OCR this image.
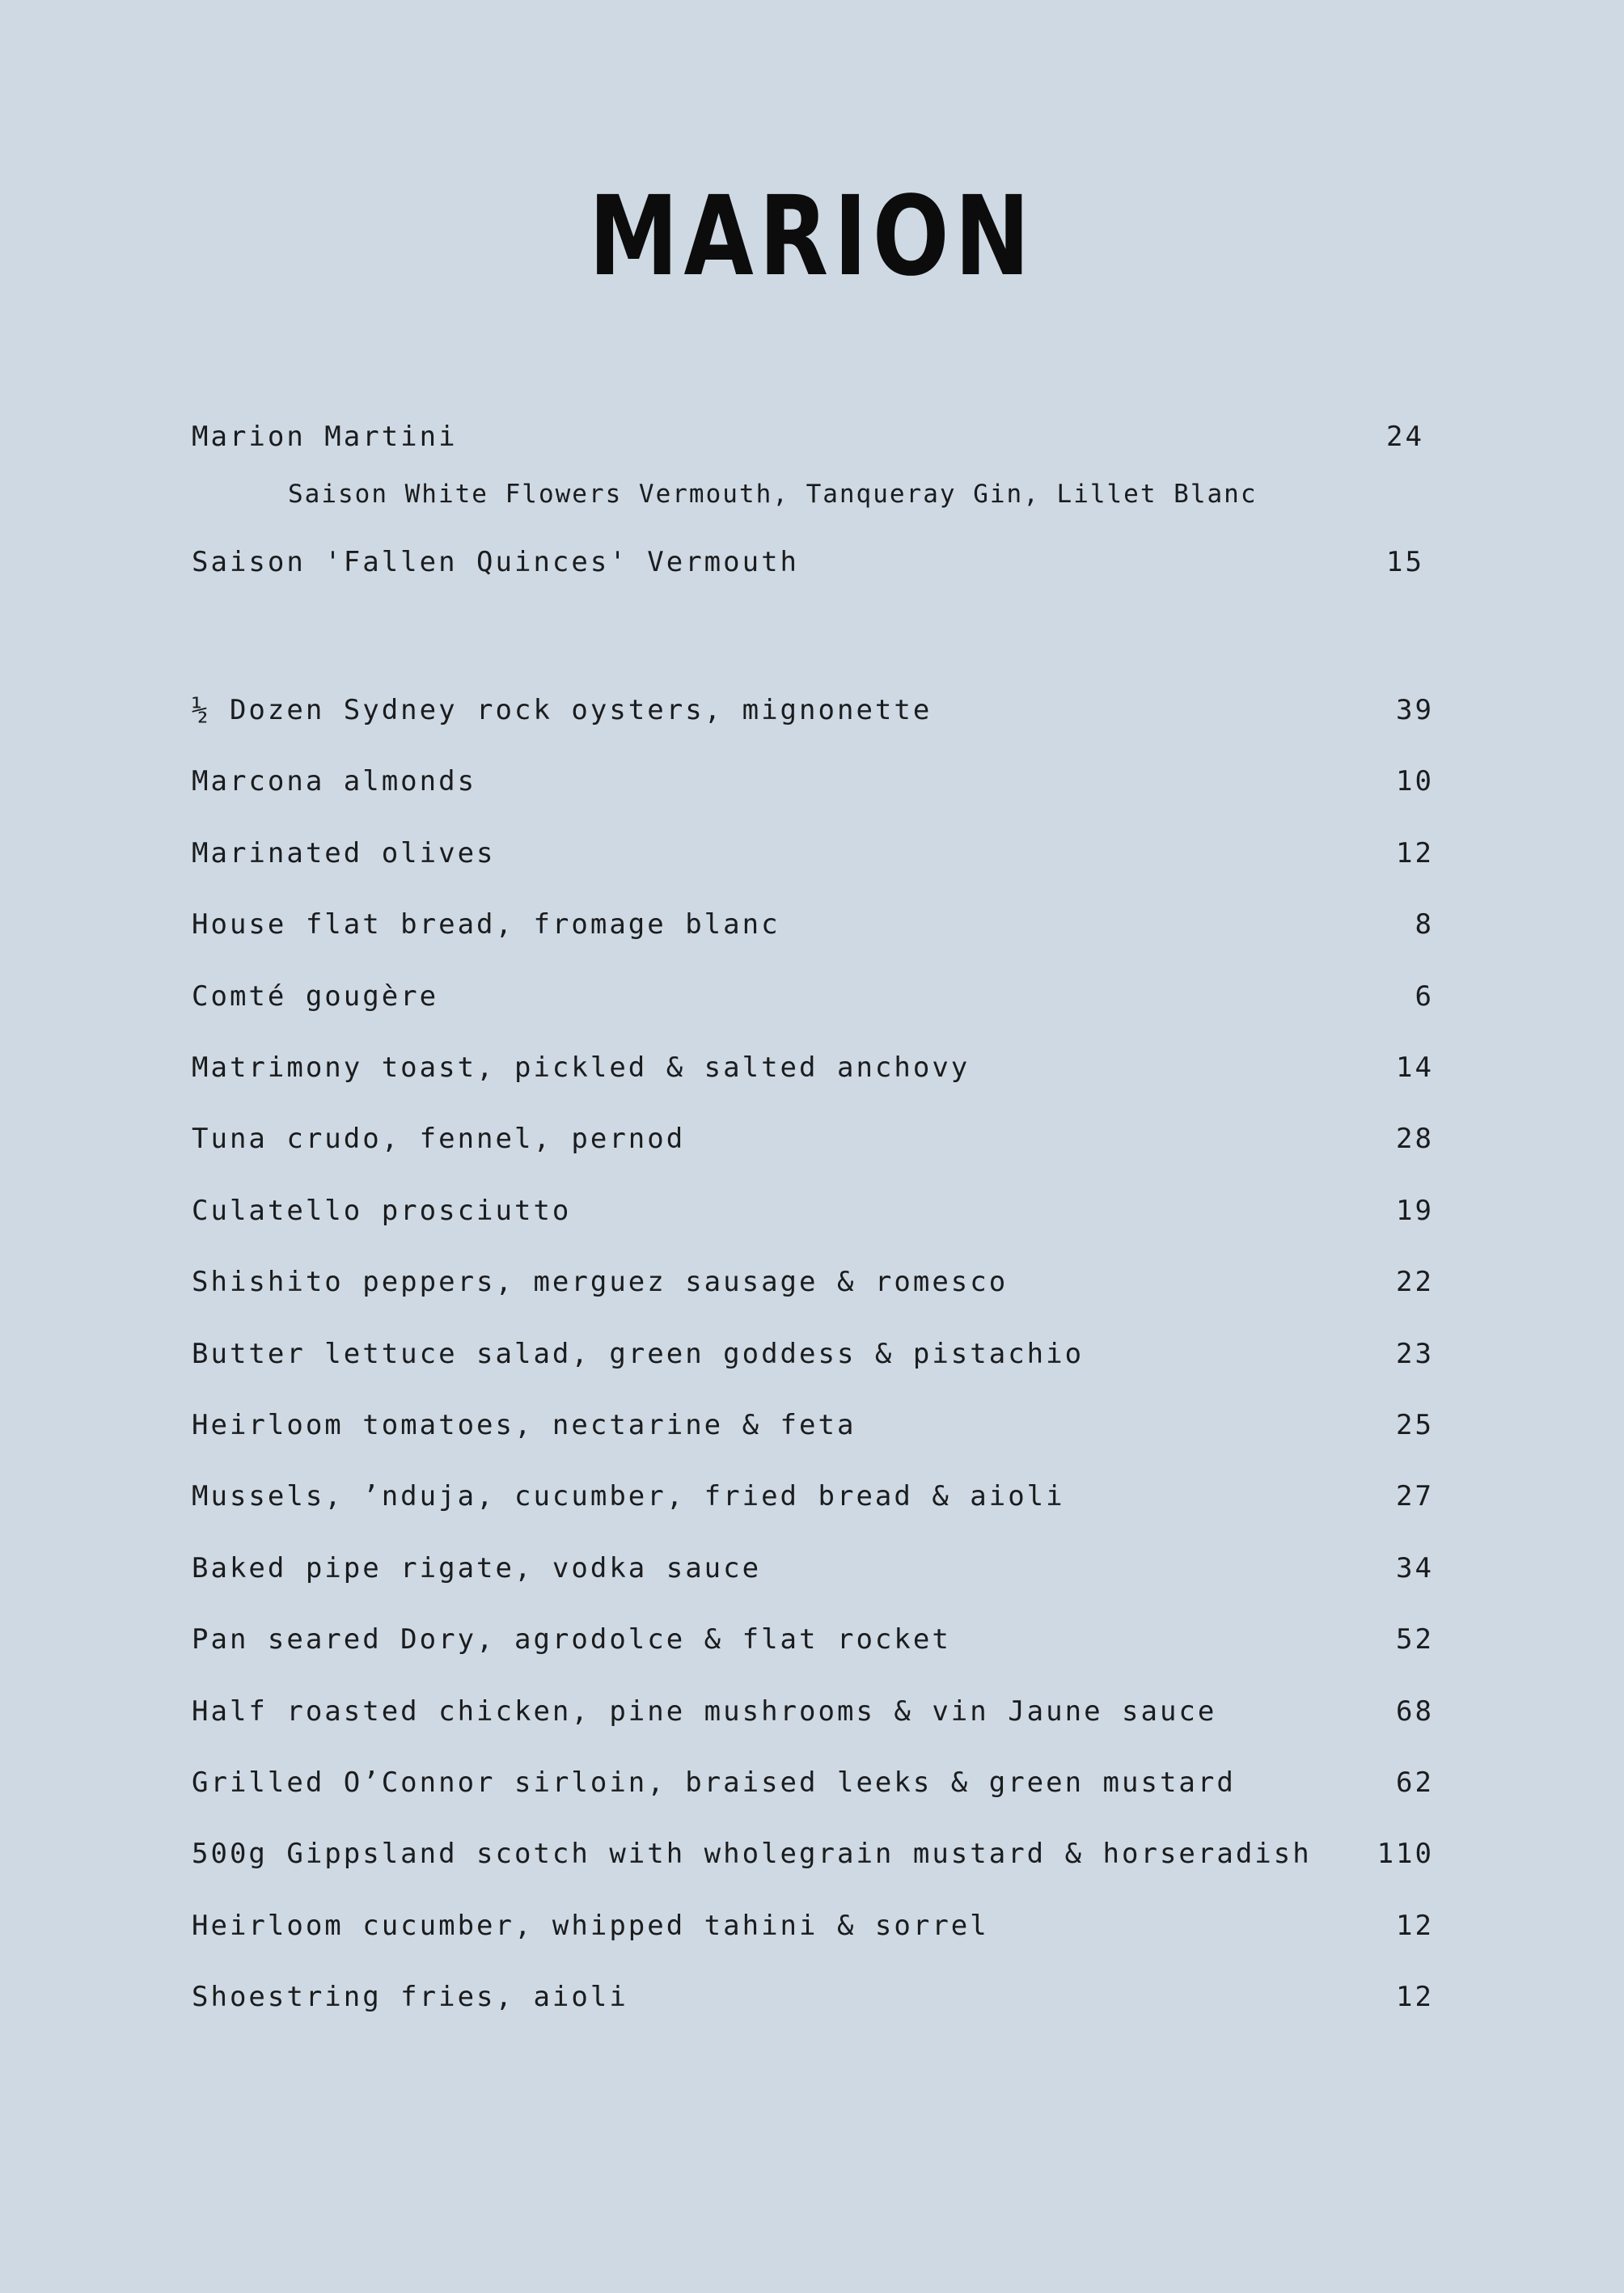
MARION
Marion Martini	24
Saison White Flowers Vermouth, Tanqueray Gin, Lillet Blanc
Saison 'Fallen Quinces' Vermouth	15
½ Dozen Sydney rock oysters, mignonette	39
Marcona almonds	10
Marinated olives	12
House flat bread, fromage blanc	8
Comté gougère	6
Matrimony toast, pickled & salted anchovy	14
Tuna crudo, fennel, pernod	28
Culatello prosciutto	19
Shishito peppers, merguez sausage & romesco	22
Butter lettuce salad, green goddess & pistachio	23
Heirloom tomatoes, nectarine & feta	25
Mussels, ’nduja, cucumber, fried bread & aioli	27
Baked pipe rigate, vodka sauce	34
Pan seared Dory, agrodolce & flat rocket	52
Half roasted chicken, pine mushrooms & vin Jaune sauce	68
Grilled O’Connor sirloin, braised leeks & green mustard	62
500g Gippsland scotch with wholegrain mustard & horseradish 110
Heirloom cucumber, whipped tahini & sorrel	12
Shoestring fries, aioli	12
